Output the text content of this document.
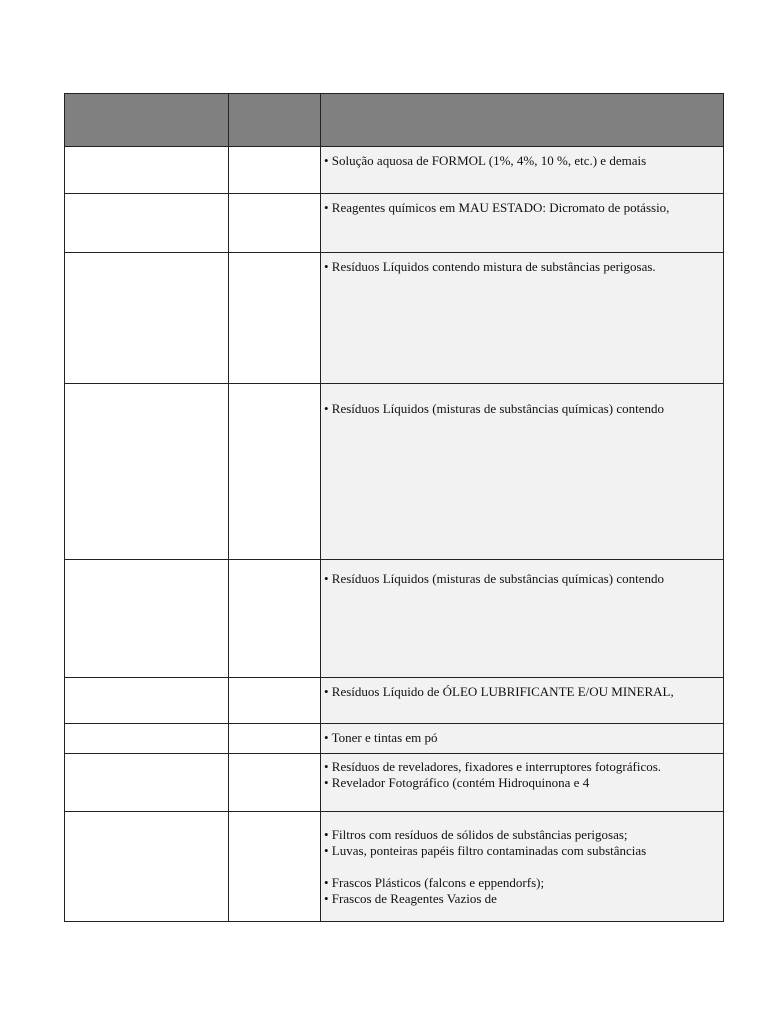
		• Solução aquosa de FORMOL (1%, 4%, 10 %, etc.) e demais

		• Reagentes químicos em MAU ESTADO: Dicromato de potássio,

		• Resíduos Líquidos contendo mistura de substâncias perigosas.

		• Resíduos Líquidos (misturas de substâncias químicas) contendo

		• Resíduos Líquidos (misturas de substâncias químicas) contendo

		• Resíduos Líquido de ÓLEO LUBRIFICANTE E/OU MINERAL,

		• Toner e tintas em pó

		• Resíduos de reveladores, fixadores e interruptores fotográficos.
• Revelador Fotográfico (contém Hidroquinona e 4

		• Filtros com resíduos de sólidos de substâncias perigosas;
• Luvas, ponteiras papéis filtro contaminadas com substâncias
• Frascos Plásticos (falcons e eppendorfs);
• Frascos de Reagentes Vazios de
